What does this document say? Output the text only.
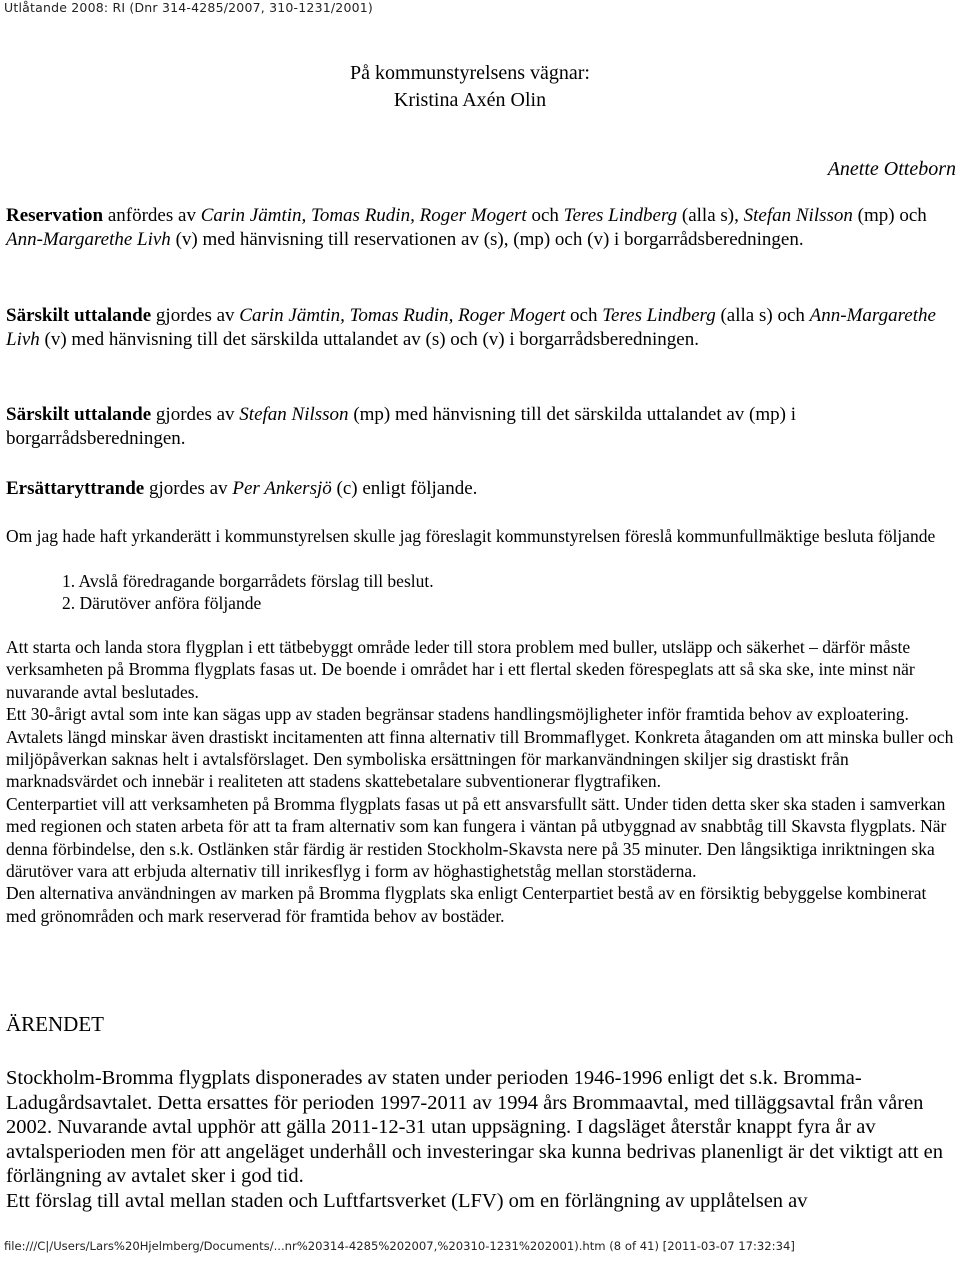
Utlåtande 2008: RI (Dnr 314-4285/2007, 310-1231/2001)
På kommunstyrelsens vägnar:
Kristina Axén Olin
Anette Otteborn
Reservation anfördes av Carin Jämtin, Tomas Rudin, Roger Mogert och Teres Lindberg (alla s), Stefan Nilsson (mp) och Ann-Margarethe Livh (v) med hänvisning till reservationen av (s), (mp) och (v) i borgarrådsberedningen.
Särskilt uttalande gjordes av Carin Jämtin, Tomas Rudin, Roger Mogert och Teres Lindberg (alla s) och Ann-Margarethe Livh (v) med hänvisning till det särskilda uttalandet av (s) och (v) i borgarrådsberedningen.
Särskilt uttalande gjordes av Stefan Nilsson (mp) med hänvisning till det särskilda uttalandet av (mp) i borgarrådsberedningen.
Ersättaryttrande gjordes av Per Ankersjö (c) enligt följande.
Om jag hade haft yrkanderätt i kommunstyrelsen skulle jag föreslagit kommunstyrelsen föreslå kommunfullmäktige besluta följande
1. Avslå föredragande borgarrådets förslag till beslut.
2. Därutöver anföra följande
Att starta och landa stora flygplan i ett tätbebyggt område leder till stora problem med buller, utsläpp och säkerhet – därför måste verksamheten på Bromma flygplats fasas ut. De boende i området har i ett flertal skeden förespeglats att så ska ske, inte minst när nuvarande avtal beslutades.
Ett 30-årigt avtal som inte kan sägas upp av staden begränsar stadens handlingsmöjligheter inför framtida behov av exploatering. Avtalets längd minskar även drastiskt incitamenten att finna alternativ till Brommaflyget. Konkreta åtaganden om att minska buller och miljöpåverkan saknas helt i avtalsförslaget. Den symboliska ersättningen för markanvändningen skiljer sig drastiskt från marknadsvärdet och innebär i realiteten att stadens skattebetalare subventionerar flygtrafiken.
Centerpartiet vill att verksamheten på Bromma flygplats fasas ut på ett ansvarsfullt sätt. Under tiden detta sker ska staden i samverkan med regionen och staten arbeta för att ta fram alternativ som kan fungera i väntan på utbyggnad av snabbtåg till Skavsta flygplats. När denna förbindelse, den s.k. Ostlänken står färdig är restiden Stockholm-Skavsta nere på 35 minuter. Den långsiktiga inriktningen ska därutöver vara att erbjuda alternativ till inrikesflyg i form av höghastighetståg mellan storstäderna.
Den alternativa användningen av marken på Bromma flygplats ska enligt Centerpartiet bestå av en försiktig bebyggelse kombinerat med grönområden och mark reserverad för framtida behov av bostäder.
ÄRENDET
Stockholm-Bromma flygplats disponerades av staten under perioden 1946-1996 enligt det s.k. Bromma-Ladugårdsavtalet. Detta ersattes för perioden 1997-2011 av 1994 års Brommaavtal, med tilläggsavtal från våren 2002. Nuvarande avtal upphör att gälla 2011-12-31 utan uppsägning. I dagsläget återstår knappt fyra år av avtalsperioden men för att angeläget underhåll och investeringar ska kunna bedrivas planenligt är det viktigt att en förlängning av avtalet sker i god tid.
Ett förslag till avtal mellan staden och Luftfartsverket (LFV) om en förlängning av upplåtelsen av
file:///C|/Users/Lars%20Hjelmberg/Documents/...nr%20314-4285%202007,%20310-1231%202001).htm (8 of 41) [2011-03-07 17:32:34]
